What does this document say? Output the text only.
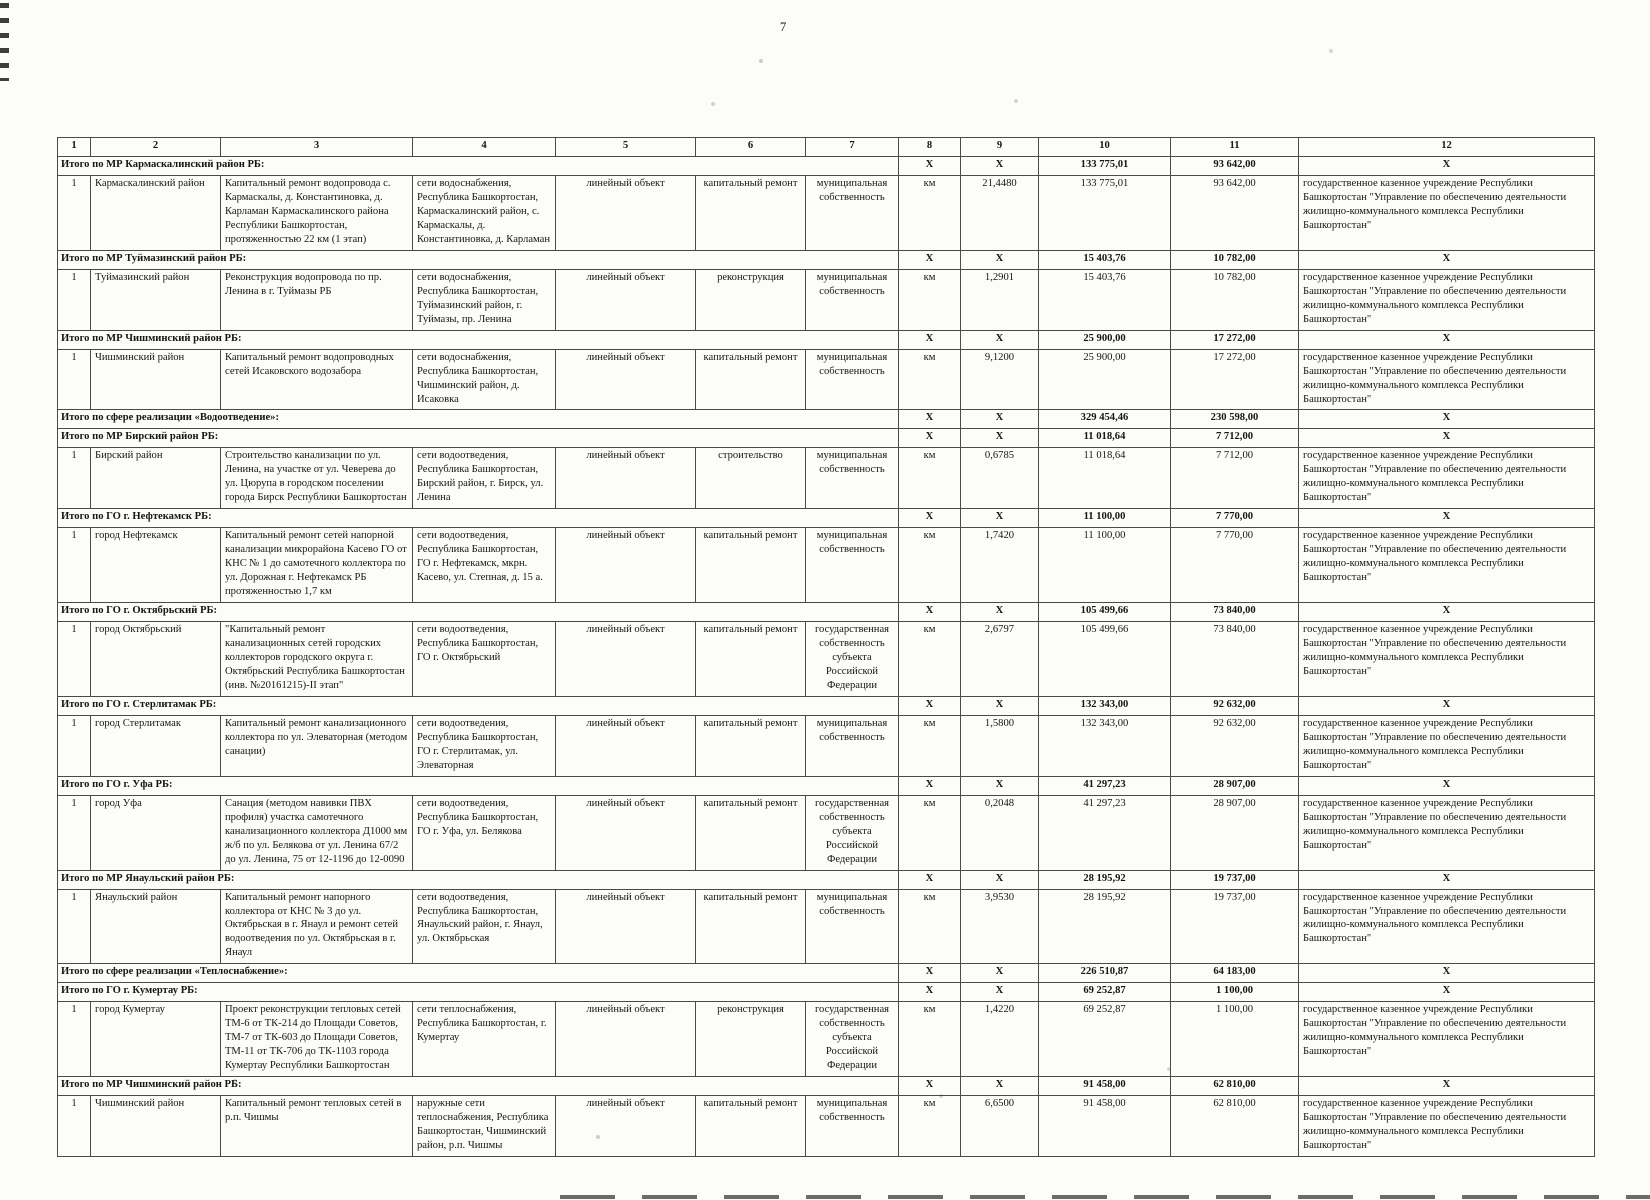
7
1	2	3	4	5	6	7	8	9	10	11	12
Итого по МР Кармаскалинский район РБ:							X	X	133 775,01	93 642,00	X
1	Кармаскалинский район	Капитальный ремонт водопровода с. Кармаскалы, д. Константиновка, д. Карламан Кармаскалинского района Республики Башкортостан, протяженностью 22 км (1 этап)	сети водоснабжения, Республика Башкортостан, Кармаскалинский район, с. Кармаскалы, д. Константиновка, д. Карламан	линейный объект	капитальный ремонт	муниципальная собственность	км	21,4480	133 775,01	93 642,00	государственное казенное учреждение Республики Башкортостан "Управление по обеспечению деятельности жилищно-коммунального комплекса Республики Башкортостан"
Итого по МР Туймазинский район РБ:							X	X	15 403,76	10 782,00	X
1	Туймазинский район	Реконструкция водопровода по пр. Ленина в г. Туймазы РБ	сети водоснабжения, Республика Башкортостан, Туймазинский район, г. Туймазы, пр. Ленина	линейный объект	реконструкция	муниципальная собственность	км	1,2901	15 403,76	10 782,00	государственное казенное учреждение Республики Башкортостан "Управление по обеспечению деятельности жилищно-коммунального комплекса Республики Башкортостан"
Итого по МР Чишминский район РБ:							X	X	25 900,00	17 272,00	X
1	Чишминский район	Капитальный ремонт водопроводных сетей Исаковского водозабора	сети водоснабжения, Республика Башкортостан, Чишминский район, д. Исаковка	линейный объект	капитальный ремонт	муниципальная собственность	км	9,1200	25 900,00	17 272,00	государственное казенное учреждение Республики Башкортостан "Управление по обеспечению деятельности жилищно-коммунального комплекса Республики Башкортостан"
Итого по сфере реализации «Водоотведение»:							X	X	329 454,46	230 598,00	X
Итого по МР Бирский район РБ:							X	X	11 018,64	7 712,00	X
1	Бирский район	Строительство канализации по ул. Ленина, на участке от ул. Чеверева до ул. Цюрупа в городском поселении города Бирск Республики Башкортостан	сети водоотведения, Республика Башкортостан, Бирский район, г. Бирск, ул. Ленина	линейный объект	строительство	муниципальная собственность	км	0,6785	11 018,64	7 712,00	государственное казенное учреждение Республики Башкортостан "Управление по обеспечению деятельности жилищно-коммунального комплекса Республики Башкортостан"
Итого по ГО г. Нефтекамск РБ:							X	X	11 100,00	7 770,00	X
1	город Нефтекамск	Капитальный ремонт сетей напорной канализации микрорайона Касево ГО от КНС № 1 до самотечного коллектора по ул. Дорожная г. Нефтекамск РБ протяженностью 1,7 км	сети водоотведения, Республика Башкортостан, ГО г. Нефтекамск, мкрн. Касево, ул. Степная, д. 15 а.	линейный объект	капитальный ремонт	муниципальная собственность	км	1,7420	11 100,00	7 770,00	государственное казенное учреждение Республики Башкортостан "Управление по обеспечению деятельности жилищно-коммунального комплекса Республики Башкортостан"
Итого по ГО г. Октябрьский РБ:							X	X	105 499,66	73 840,00	X
1	город Октябрьский	"Капитальный ремонт канализационных сетей городских коллекторов городского округа г. Октябрьский Республика Башкортостан (инв. №20161215)-II этап"	сети водоотведения, Республика Башкортостан, ГО г. Октябрьский	линейный объект	капитальный ремонт	государственная собственность субъекта Российской Федерации	км	2,6797	105 499,66	73 840,00	государственное казенное учреждение Республики Башкортостан "Управление по обеспечению деятельности жилищно-коммунального комплекса Республики Башкортостан"
Итого по ГО г. Стерлитамак РБ:							X	X	132 343,00	92 632,00	X
1	город Стерлитамак	Капитальный ремонт канализационного коллектора по ул. Элеваторная (методом санации)	сети водоотведения, Республика Башкортостан, ГО г. Стерлитамак, ул. Элеваторная	линейный объект	капитальный ремонт	муниципальная собственность	км	1,5800	132 343,00	92 632,00	государственное казенное учреждение Республики Башкортостан "Управление по обеспечению деятельности жилищно-коммунального комплекса Республики Башкортостан"
Итого по ГО г. Уфа РБ:							X	X	41 297,23	28 907,00	X
1	город Уфа	Санация (методом навивки ПВХ профиля) участка самотечного канализационного коллектора Д1000 мм ж/б по ул. Белякова от ул. Ленина 67/2 до ул. Ленина, 75 от 12-1196 до 12-0090	сети водоотведения, Республика Башкортостан, ГО г. Уфа, ул. Белякова	линейный объект	капитальный ремонт	государственная собственность субъекта Российской Федерации	км	0,2048	41 297,23	28 907,00	государственное казенное учреждение Республики Башкортостан "Управление по обеспечению деятельности жилищно-коммунального комплекса Республики Башкортостан"
Итого по МР Янаульский район РБ:							X	X	28 195,92	19 737,00	X
1	Янаульский район	Капитальный ремонт напорного коллектора от КНС № 3 до ул. Октябрьская в г. Янаул и ремонт сетей водоотведения по ул. Октябрьская в г. Янаул	сети водоотведения, Республика Башкортостан, Янаульский район, г. Янаул, ул. Октябрьская	линейный объект	капитальный ремонт	муниципальная собственность	км	3,9530	28 195,92	19 737,00	государственное казенное учреждение Республики Башкортостан "Управление по обеспечению деятельности жилищно-коммунального комплекса Республики Башкортостан"
Итого по сфере реализации «Теплоснабжение»:							X	X	226 510,87	64 183,00	X
Итого по ГО г. Кумертау РБ:							X	X	69 252,87	1 100,00	X
1	город Кумертау	Проект реконструкции тепловых сетей ТМ-6 от ТК-214 до Площади Советов, ТМ-7 от ТК-603 до Площади Советов, ТМ-11 от ТК-706 до ТК-1103 города Кумертау Республики Башкортостан	сети теплоснабжения, Республика Башкортостан, г. Кумертау	линейный объект	реконструкция	государственная собственность субъекта Российской Федерации	км	1,4220	69 252,87	1 100,00	государственное казенное учреждение Республики Башкортостан "Управление по обеспечению деятельности жилищно-коммунального комплекса Республики Башкортостан"
Итого по МР Чишминский район РБ:							X	X	91 458,00	62 810,00	X
1	Чишминский район	Капитальный ремонт тепловых сетей в р.п. Чишмы	наружные сети теплоснабжения, Республика Башкортостан, Чишминский район, р.п. Чишмы	линейный объект	капитальный ремонт	муниципальная собственность	км	6,6500	91 458,00	62 810,00	государственное казенное учреждение Республики Башкортостан "Управление по обеспечению деятельности жилищно-коммунального комплекса Республики Башкортостан"
